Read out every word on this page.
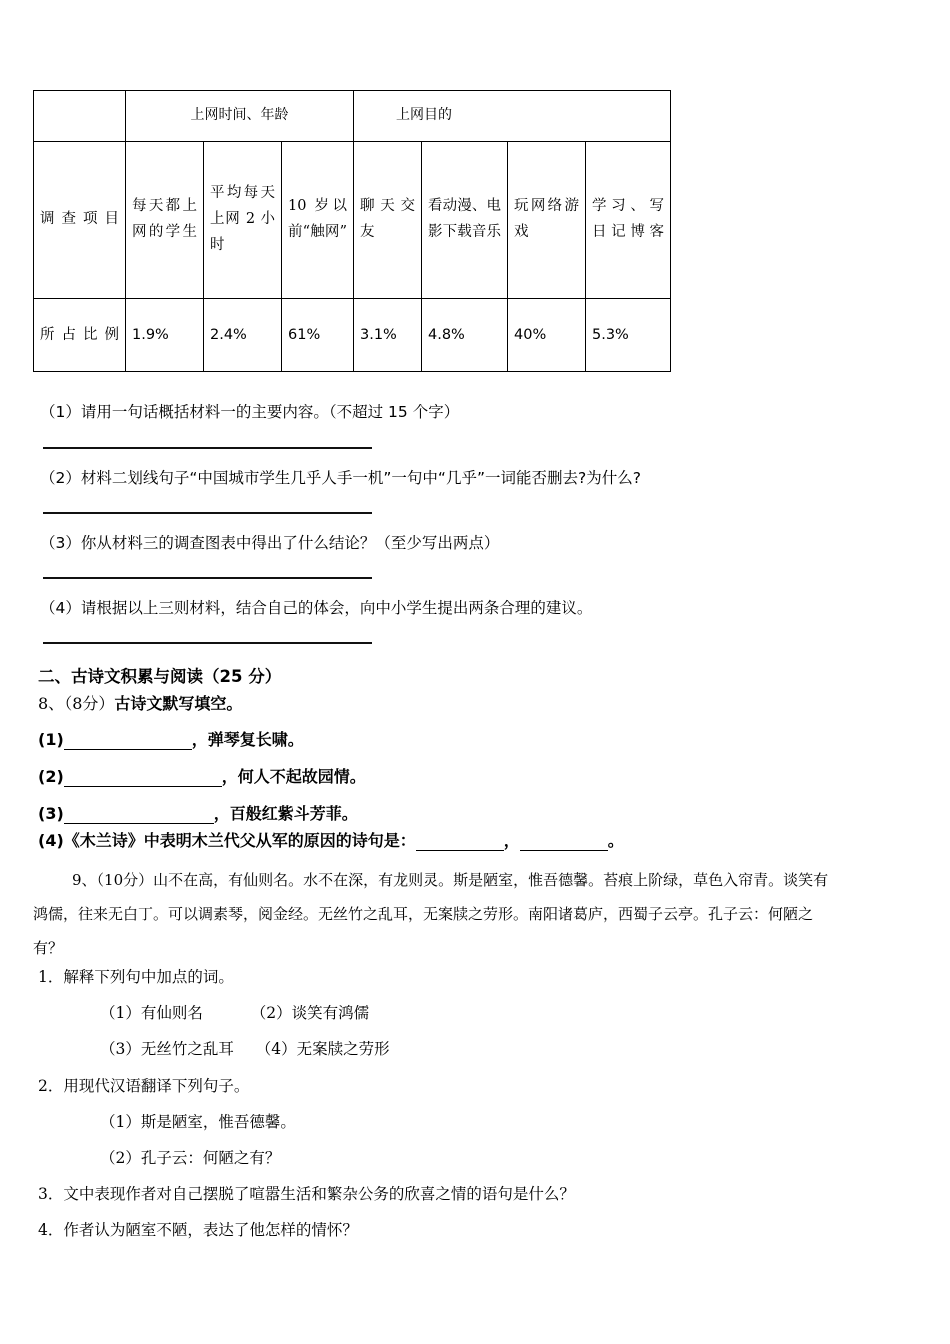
	上网时间、年龄			上网目的			
调查项目	每天都上网的学生	平均每天上网 2 小时	10 岁以前“触网”	聊天交友	看动漫、电影下载音乐	玩网络游戏	学习、写日记博客
所占比例	1.9%	2.4%	61%	3.1%	4.8%	40%	5.3%
（1）请用一句话概括材料一的主要内容。（不超过 15 个字）
（2）材料二划线句子“中国城市学生几乎人手一机”一句中“几乎”一词能否删去?为什么?
（3）你从材料三的调查图表中得出了什么结论？（至少写出两点）
（4）请根据以上三则材料，结合自己的体会，向中小学生提出两条合理的建议。
二、古诗文积累与阅读（25 分）
8、（8分）古诗文默写填空。
(1)	，弹琴复长啸。
(2)	，何人不起故园情。
(3)	，百般红紫斗芳菲。
(4)《木兰诗》中表明木兰代父从军的原因的诗句是：	，	。
9、（10分）山不在高，有仙则名。水不在深，有龙则灵。斯是陋室，惟吾德馨。苔痕上阶绿，草色入帘青。谈笑有
鸿儒，往来无白丁。可以调素琴，阅金经。无丝竹之乱耳，无案牍之劳形。南阳诸葛庐，西蜀子云亭。孔子云：何陋之
有？
1．解释下列句中加点的词。
（1）有仙则名	（2）谈笑有鸿儒
（3）无丝竹之乱耳 （4）无案牍之劳形
2．用现代汉语翻译下列句子。
（1）斯是陋室，惟吾德馨。
（2）孔子云：何陋之有？
3．文中表现作者对自己摆脱了喧嚣生活和繁杂公务的欣喜之情的语句是什么？
4．作者认为陋室不陋，表达了他怎样的情怀？
